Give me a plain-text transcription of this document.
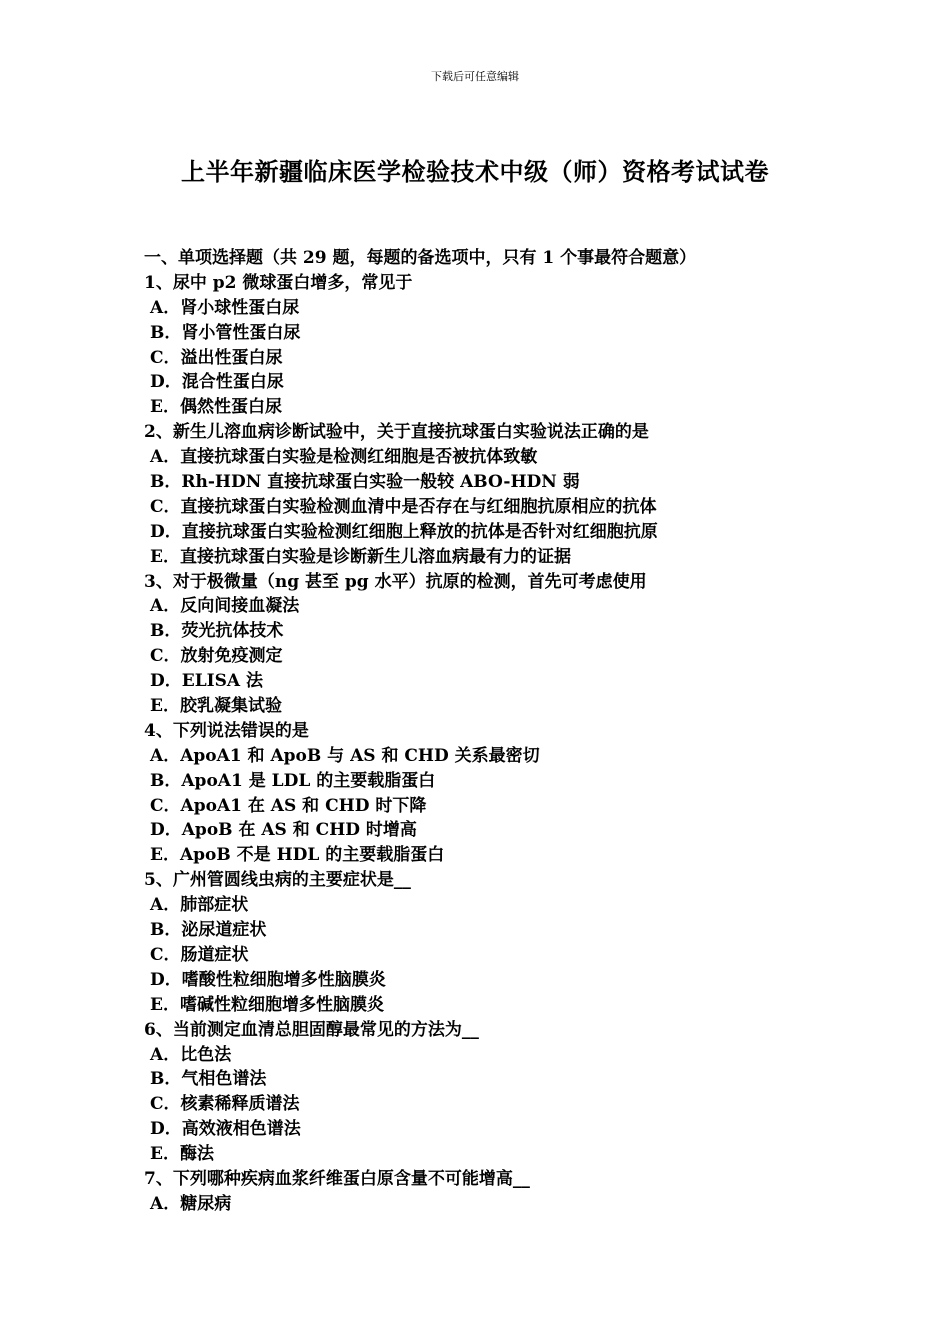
下载后可任意编辑
上半年新疆临床医学检验技术中级（师）资格考试试卷
一、单项选择题（共 29 题，每题的备选项中，只有 1 个事最符合题意）
1、尿中 p2 微球蛋白增多，常见于
A．肾小球性蛋白尿
B．肾小管性蛋白尿
C．溢出性蛋白尿
D．混合性蛋白尿
E．偶然性蛋白尿
2、新生儿溶血病诊断试验中，关于直接抗球蛋白实验说法正确的是
A．直接抗球蛋白实验是检测红细胞是否被抗体致敏
B．Rh-HDN 直接抗球蛋白实验一般较 ABO-HDN 弱
C．直接抗球蛋白实验检测血清中是否存在与红细胞抗原相应的抗体
D．直接抗球蛋白实验检测红细胞上释放的抗体是否针对红细胞抗原
E．直接抗球蛋白实验是诊断新生儿溶血病最有力的证据
3、对于极微量（ng 甚至 pg 水平）抗原的检测，首先可考虑使用
A．反向间接血凝法
B．荧光抗体技术
C．放射免疫测定
D．ELISA 法
E．胶乳凝集试验
4、下列说法错误的是
A．ApoA1 和 ApoB 与 AS 和 CHD 关系最密切
B．ApoA1 是 LDL 的主要载脂蛋白
C．ApoA1 在 AS 和 CHD 时下降
D．ApoB 在 AS 和 CHD 时增高
E．ApoB 不是 HDL 的主要载脂蛋白
5、广州管圆线虫病的主要症状是__
A．肺部症状
B．泌尿道症状
C．肠道症状
D．嗜酸性粒细胞增多性脑膜炎
E．嗜碱性粒细胞增多性脑膜炎
6、当前测定血清总胆固醇最常见的方法为__
A．比色法
B．气相色谱法
C．核素稀释质谱法
D．高效液相色谱法
E．酶法
7、下列哪种疾病血浆纤维蛋白原含量不可能增高__
A．糖尿病
